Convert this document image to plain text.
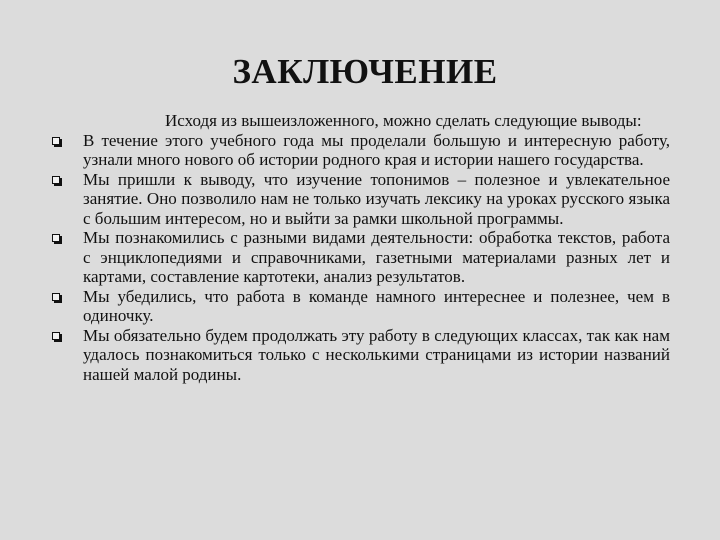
ЗАКЛЮЧЕНИЕ

Исходя из вышеизложенного, можно сделать следующие выводы:

В течение этого учебного года мы проделали большую и интересную работу, узнали много нового об истории родного края и истории нашего государства.

Мы пришли к выводу, что изучение топонимов – полезное и увлекательное занятие. Оно позволило нам не только изучать лексику на уроках русского языка с большим интересом, но и выйти за рамки школьной программы.

Мы познакомились с разными видами деятельности: обработка текстов, работа с энциклопедиями и справочниками, газетными материалами разных лет и картами, составление картотеки, анализ результатов.

Мы убедились, что работа в команде намного интереснее и полезнее, чем в одиночку.

Мы обязательно будем продолжать эту работу в следующих классах, так как нам удалось познакомиться только с несколькими страницами из истории названий нашей малой родины.
